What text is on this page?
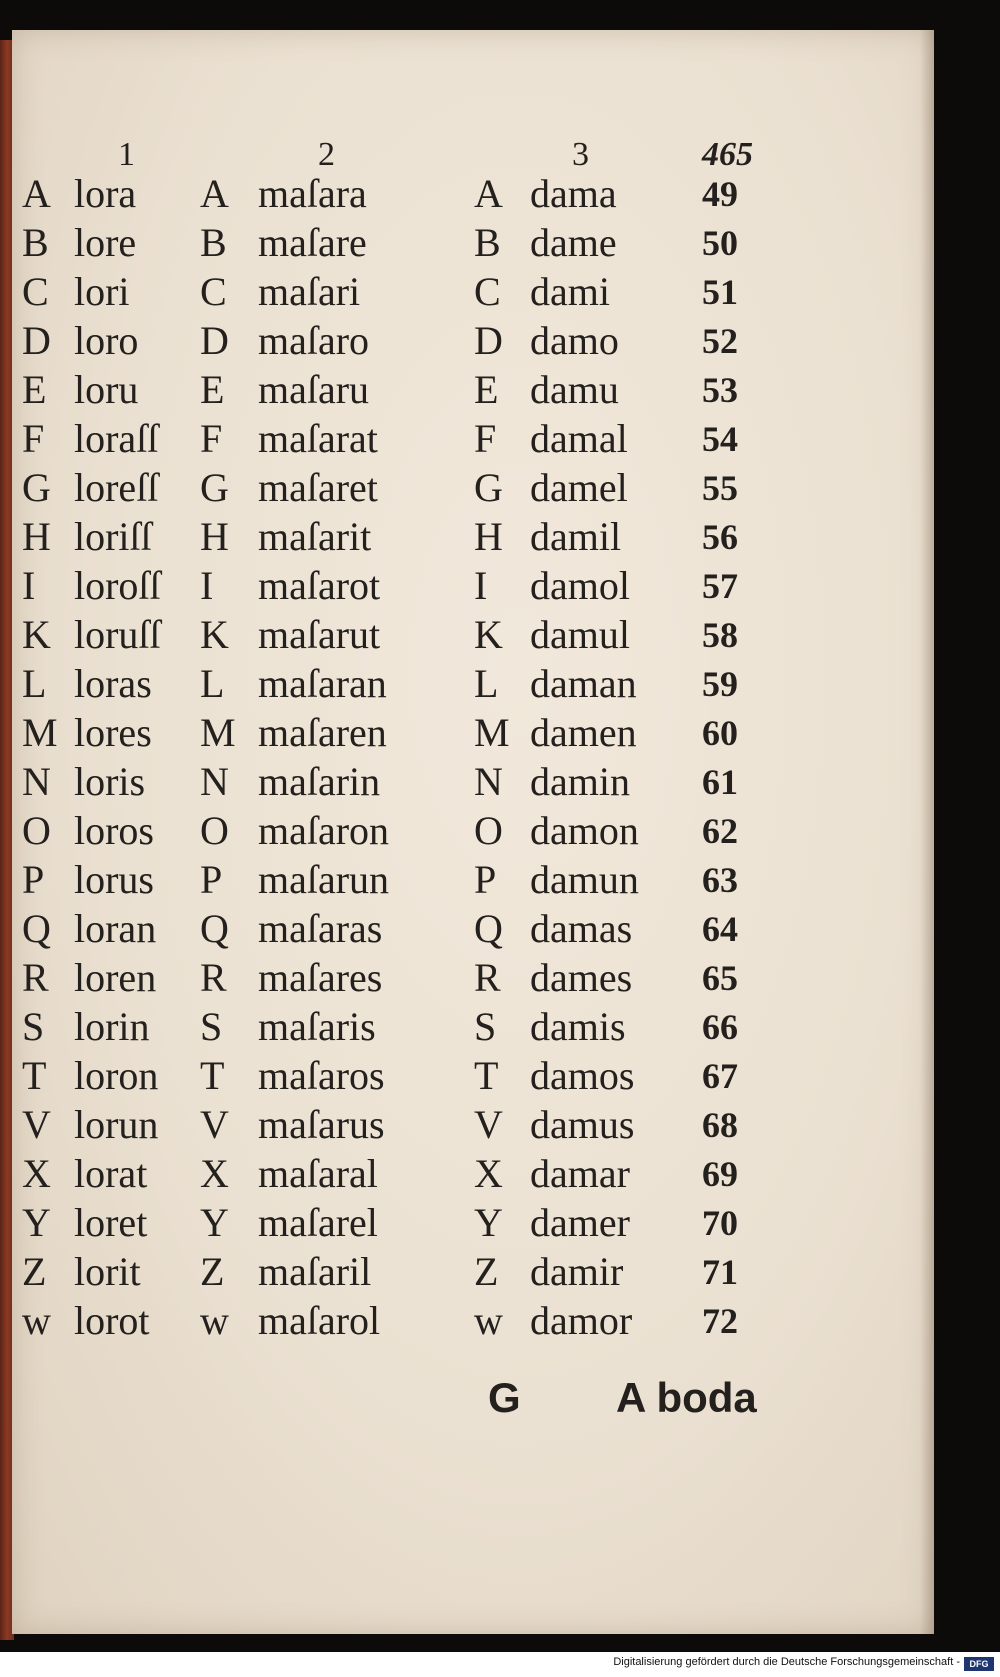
1	2	3	465
A lora A maſara	A dama 49
B lore B maſare	B dame 50
C lori C maſari	C dami	51
D loro D maſaro	D damo 52
E loru E maſaru	E damu 53
F loraſſ F maſarat F damal 54
G loreſſ G maſaret G damel 55
H loriſſ H maſarit	H damil 56
I loroſſ I maſarot I damol 57
K loruſſ K maſarut K damul 58
L loras L maſaran L daman 59
M lores M maſaren M damen 60
N loris N maſarin N damin 61
O loros O maſaron O damon 62
P lorus P maſarun P damun 63
Q loran Q maſaras Q damas 64
R loren R maſares R dames 65
S lorin S maſaris S damis 66
T loron T maſaros T damos 67
V lorun V maſarus V damus 68
X lorat X maſaral X damar 69
Y loret Y maſarel Y damer 70
Z lorit Z maſaril	Z damir 71
w lorot w maſarol w damor 72
G A boda
Digitalisierung gefördert durch die Deutsche Forschungsgemeinschaft -	DFG
